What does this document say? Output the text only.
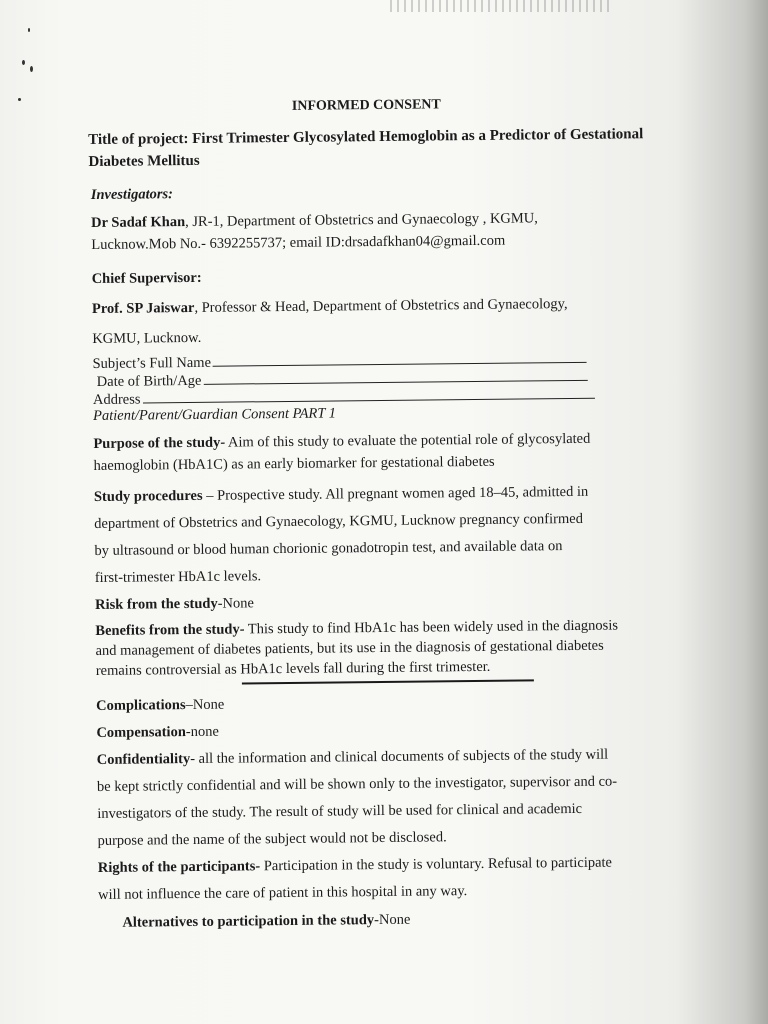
INFORMED CONSENT
Title of project: First Trimester Glycosylated Hemoglobin as a Predictor of Gestational Diabetes Mellitus
Investigators:
Dr Sadaf Khan, JR-1, Department of Obstetrics and Gynaecology , KGMU,
Lucknow.Mob No.- 6392255737; email ID:drsadafkhan04@gmail.com
Chief Supervisor:
Prof. SP Jaiswar, Professor & Head, Department of Obstetrics and Gynaecology,
KGMU, Lucknow.
Subject’s Full Name
Date of Birth/Age
Address
Patient/Parent/Guardian Consent PART 1
Purpose of the study- Aim of this study to evaluate the potential role of glycosylated
haemoglobin (HbA1C) as an early biomarker for gestational diabetes
Study procedures – Prospective study. All pregnant women aged 18–45, admitted in
department of Obstetrics and Gynaecology, KGMU, Lucknow pregnancy confirmed
by ultrasound or blood human chorionic gonadotropin test, and available data on
first-trimester HbA1c levels.
Risk from the study-None
Benefits from the study- This study to find HbA1c has been widely used in the diagnosis
and management of diabetes patients, but its use in the diagnosis of gestational diabetes
remains controversial as HbA1c levels fall during the first trimester.
Complications–None
Compensation-none
Confidentiality- all the information and clinical documents of subjects of the study will
be kept strictly confidential and will be shown only to the investigator, supervisor and co-
investigators of the study. The result of study will be used for clinical and academic
purpose and the name of the subject would not be disclosed.
Rights of the participants- Participation in the study is voluntary. Refusal to participate
will not influence the care of patient in this hospital in any way.
Alternatives to participation in the study-None
